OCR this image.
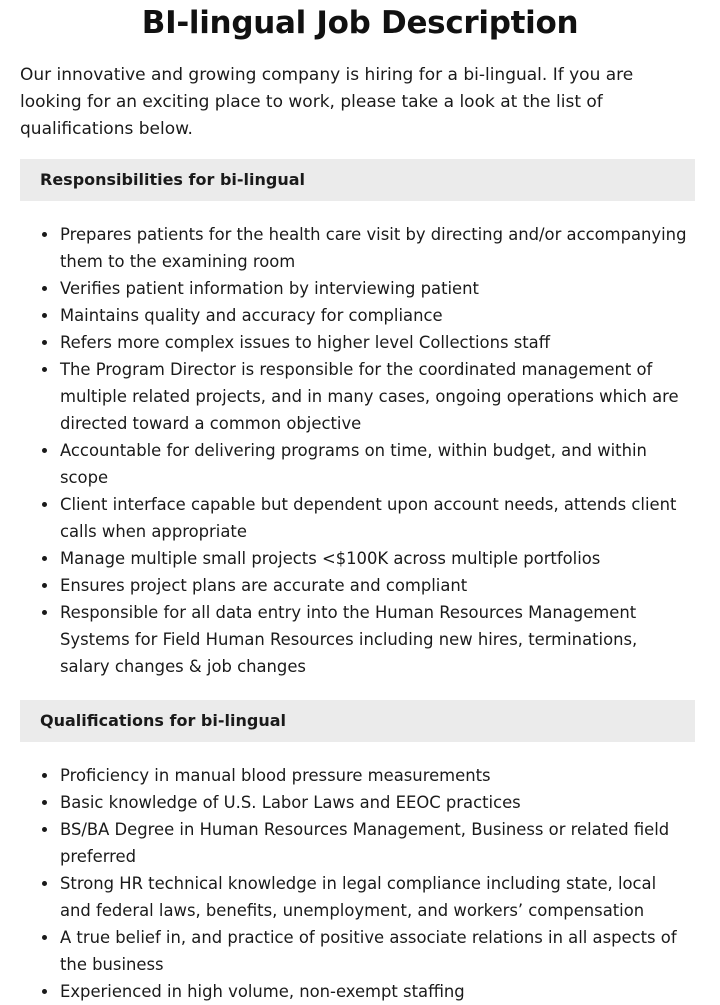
BI-lingual Job Description

Our innovative and growing company is hiring for a bi-lingual. If you are looking for an exciting place to work, please take a look at the list of qualifications below.

Responsibilities for bi-lingual
Prepares patients for the health care visit by directing and/or accompanying them to the examining room
Verifies patient information by interviewing patient
Maintains quality and accuracy for compliance
Refers more complex issues to higher level Collections staff
The Program Director is responsible for the coordinated management of multiple related projects, and in many cases, ongoing operations which are directed toward a common objective
Accountable for delivering programs on time, within budget, and within scope
Client interface capable but dependent upon account needs, attends client calls when appropriate
Manage multiple small projects <$100K across multiple portfolios
Ensures project plans are accurate and compliant
Responsible for all data entry into the Human Resources Management Systems for Field Human Resources including new hires, terminations, salary changes & job changes
Qualifications for bi-lingual
Proficiency in manual blood pressure measurements
Basic knowledge of U.S. Labor Laws and EEOC practices
BS/BA Degree in Human Resources Management, Business or related field preferred
Strong HR technical knowledge in legal compliance including state, local and federal laws, benefits, unemployment, and workers’ compensation
A true belief in, and practice of positive associate relations in all aspects of the business
Experienced in high volume, non-exempt staffing
